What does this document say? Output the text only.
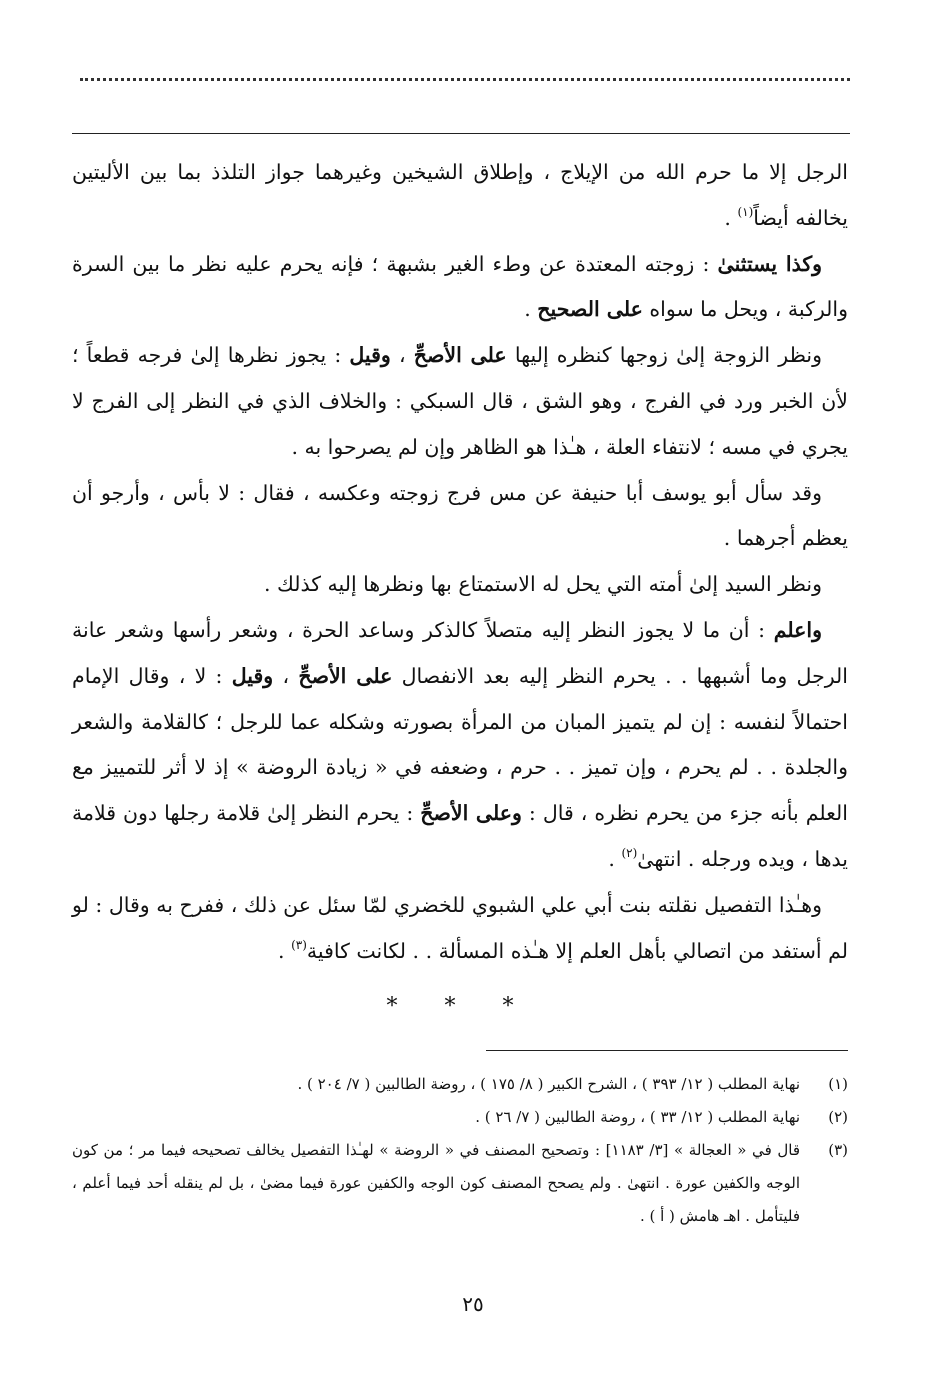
الرجل إلا ما حرم الله من الإيلاج ، وإطلاق الشيخين وغيرهما جواز التلذذ بما بين الأليتين يخالفه أيضاً$^{(١)}$ .

وكذا يستثنىٰ : زوجته المعتدة عن وطء الغير بشبهة ؛ فإنه يحرم عليه نظر ما بين السرة والركبة ، ويحل ما سواه على الصحيح .

ونظر الزوجة إلىٰ زوجها كنظره إليها على الأصحِّ ، وقيل : يجوز نظرها إلىٰ فرجه قطعاً ؛ لأن الخبر ورد في الفرج ، وهو الشق ، قال السبكي : والخلاف الذي في النظر إلى الفرج لا يجري في مسه ؛ لانتفاء العلة ، هـٰذا هو الظاهر وإن لم يصرحوا به .

وقد سأل أبو يوسف أبا حنيفة عن مس فرج زوجته وعكسه ، فقال : لا بأس ، وأرجو أن يعظم أجرهما .

ونظر السيد إلىٰ أمته التي يحل له الاستمتاع بها ونظرها إليه كذلك .

واعلم : أن ما لا يجوز النظر إليه متصلاً كالذكر وساعد الحرة ، وشعر رأسها وشعر عانة الرجل وما أشبهها . . يحرم النظر إليه بعد الانفصال على الأصحِّ ، وقيل : لا ، وقال الإمام احتمالاً لنفسه : إن لم يتميز المبان من المرأة بصورته وشكله عما للرجل ؛ كالقلامة والشعر والجلدة . . لم يحرم ، وإن تميز . . حرم ، وضعفه في « زيادة الروضة » إذ لا أثر للتمييز مع العلم بأنه جزء من يحرم نظره ، قال : وعلى الأصحِّ : يحرم النظر إلىٰ قلامة رجلها دون قلامة يدها ، ويده ورجله . انتهىٰ$^{(٢)}$ .

وهـٰذا التفصيل نقلته بنت أبي علي الشبوي للخضري لمّا سئل عن ذلك ، ففرح به وقال : لو لم أستفد من اتصالي بأهل العلم إلا هـٰذه المسألة . . لكانت كافية$^{(٣)}$ .

* * *
(١)
نهاية المطلب ( ١٢/ ٣٩٣ ) ، الشرح الكبير ( ٨/ ١٧٥ ) ، روضة الطالبين ( ٧/ ٢٠٤ ) .
(٢)
نهاية المطلب ( ١٢/ ٣٣ ) ، روضة الطالبين ( ٧/ ٢٦ ) .
(٣)
قال في « العجالة » [٣/ ١١٨٣] : وتصحيح المصنف في « الروضة » لهـٰذا التفصيل يخالف تصحيحه فيما مر ؛ من كون الوجه والكفين عورة . انتهىٰ . ولم يصحح المصنف كون الوجه والكفين عورة فيما مضىٰ ، بل لم ينقله أحد فيما أعلم ، فليتأمل . اهـ هامش ( أ ) .
٢٥
